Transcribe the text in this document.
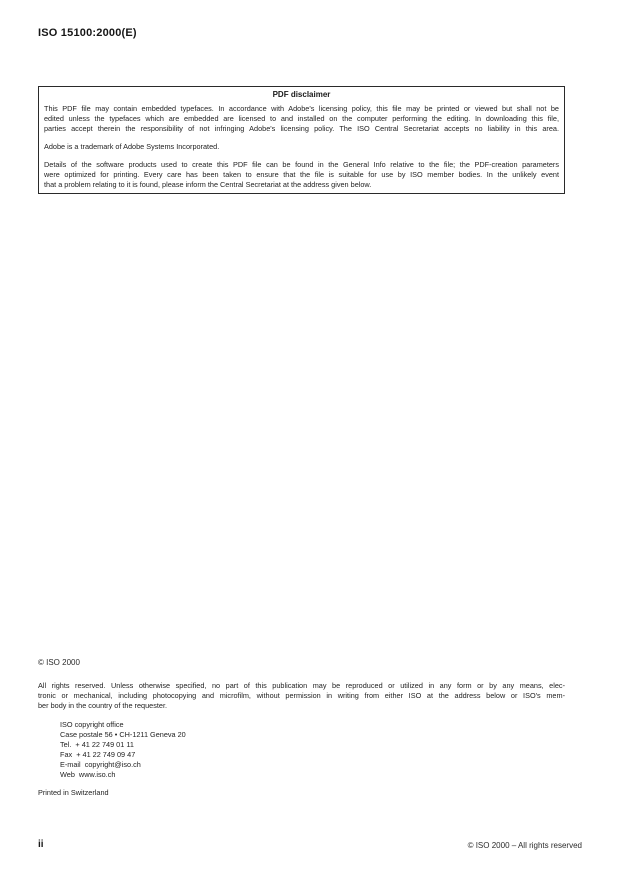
ISO 15100:2000(E)
PDF disclaimer
This PDF file may contain embedded typefaces. In accordance with Adobe's licensing policy, this file may be printed or viewed but shall not be
edited unless the typefaces which are embedded are licensed to and installed on the computer performing the editing. In downloading this file,
parties accept therein the responsibility of not infringing Adobe's licensing policy. The ISO Central Secretariat accepts no liability in this area.
Adobe is a trademark of Adobe Systems Incorporated.
Details of the software products used to create this PDF file can be found in the General Info relative to the file; the PDF-creation parameters
were optimized for printing. Every care has been taken to ensure that the file is suitable for use by ISO member bodies. In the unlikely event
that a problem relating to it is found, please inform the Central Secretariat at the address given below.
© ISO 2000
All rights reserved. Unless otherwise specified, no part of this publication may be reproduced or utilized in any form or by any means, elec-
tronic or mechanical, including photocopying and microfilm, without permission in writing from either ISO at the address below or ISO's mem-
ber body in the country of the requester.
ISO copyright office
Case postale 56 • CH-1211 Geneva 20
Tel.  + 41 22 749 01 11
Fax  + 41 22 749 09 47
E-mail  copyright@iso.ch
Web  www.iso.ch
Printed in Switzerland
ii	© ISO 2000 – All rights reserved
